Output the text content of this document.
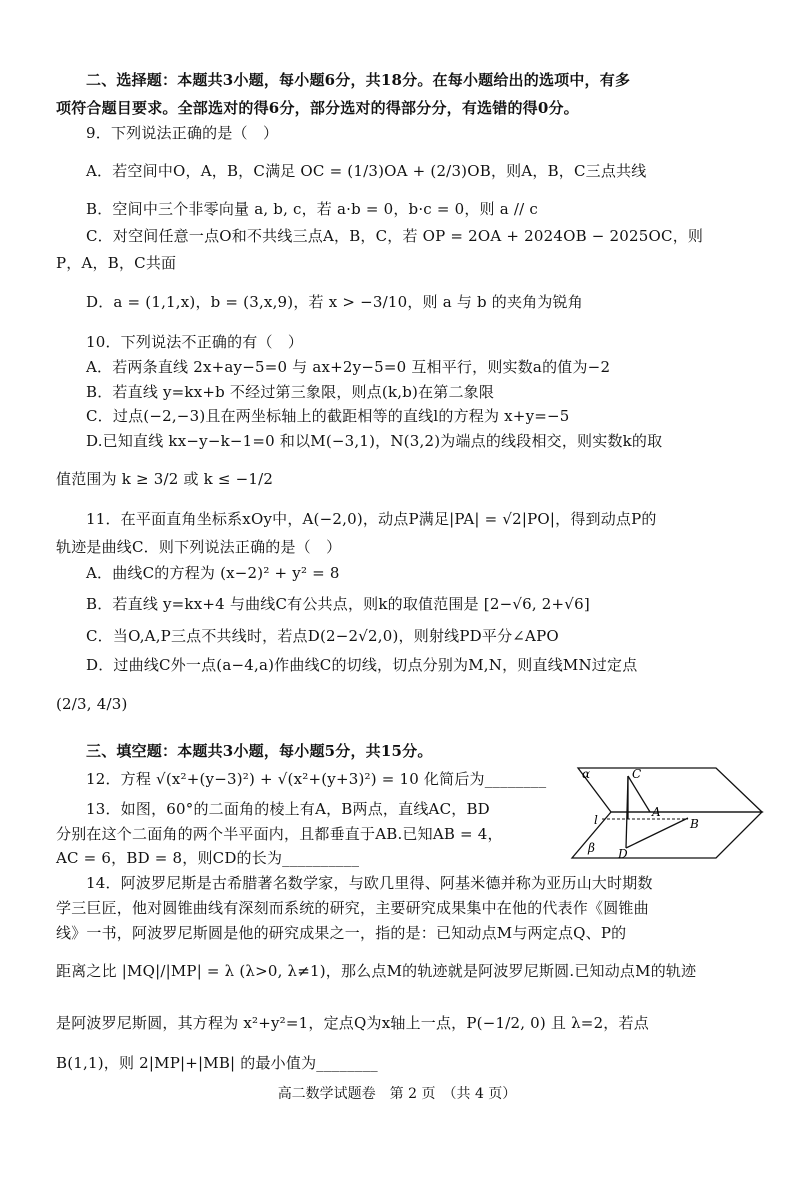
二、选择题：本题共3小题，每小题6分，共18分。在每小题给出的选项中，有多
项符合题目要求。全部选对的得6分，部分选对的得部分分，有选错的得0分。
9．下列说法正确的是（　）
A．若空间中O，A，B，C满足 OC = (1/3)OA + (2/3)OB，则A，B，C三点共线
B．空间中三个非零向量 a, b, c，若 a·b = 0，b·c = 0，则 a // c
C．对空间任意一点O和不共线三点A，B，C，若 OP = 2OA + 2024OB − 2025OC，则
P，A，B，C共面
D．a = (1,1,x)，b = (3,x,9)，若 x > −3/10，则 a 与 b 的夹角为锐角
10．下列说法不正确的有（　）
A．若两条直线 2x+ay−5=0 与 ax+2y−5=0 互相平行，则实数a的值为−2
B．若直线 y=kx+b 不经过第三象限，则点(k,b)在第二象限
C．过点(−2,−3)且在两坐标轴上的截距相等的直线l的方程为 x+y=−5
D.已知直线 kx−y−k−1=0 和以M(−3,1)，N(3,2)为端点的线段相交，则实数k的取
值范围为 k ≥ 3/2 或 k ≤ −1/2
11．在平面直角坐标系xOy中，A(−2,0)，动点P满足|PA| = √2|PO|，得到动点P的
轨迹是曲线C．则下列说法正确的是（　）
A．曲线C的方程为 (x−2)² + y² = 8
B．若直线 y=kx+4 与曲线C有公共点，则k的取值范围是 [2−√6, 2+√6]
C．当O,A,P三点不共线时，若点D(2−2√2,0)，则射线PD平分∠APO
D．过曲线C外一点(a−4,a)作曲线C的切线，切点分别为M,N，则直线MN过定点
(2/3, 4/3)
三、填空题：本题共3小题，每小题5分，共15分。
12．方程 √(x²+(y−3)²) + √(x²+(y+3)²) = 10 化简后为________
13．如图，60°的二面角的棱上有A，B两点，直线AC，BD
分别在这个二面角的两个半平面内，且都垂直于AB.已知AB = 4，
AC = 6，BD = 8，则CD的长为__________
α
β
l
C
A
B
D
14．阿波罗尼斯是古希腊著名数学家，与欧几里得、阿基米德并称为亚历山大时期数
学三巨匠，他对圆锥曲线有深刻而系统的研究，主要研究成果集中在他的代表作《圆锥曲
线》一书，阿波罗尼斯圆是他的研究成果之一，指的是：已知动点M与两定点Q、P的
距离之比 |MQ|/|MP| = λ (λ>0, λ≠1)，那么点M的轨迹就是阿波罗尼斯圆.已知动点M的轨迹
是阿波罗尼斯圆，其方程为 x²+y²=1，定点Q为x轴上一点，P(−1/2, 0) 且 λ=2，若点
B(1,1)，则 2|MP|+|MB| 的最小值为________
高二数学试题卷　第 2 页　（共 4 页）
